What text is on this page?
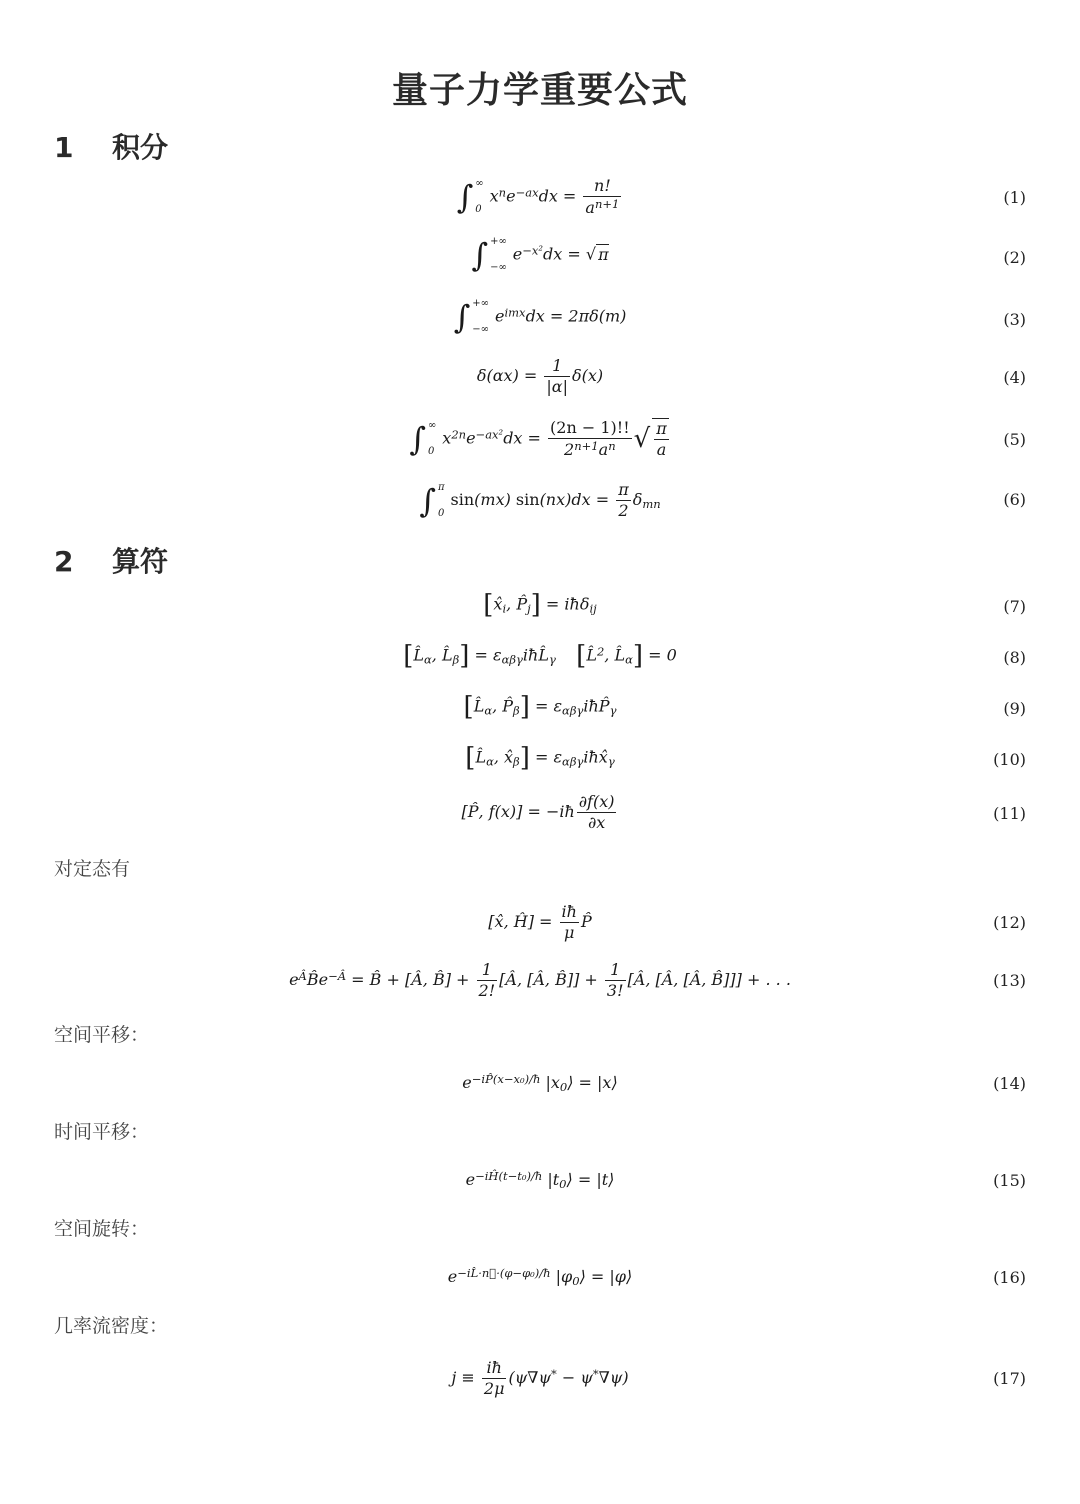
量子力学重要公式
1 积分
∫ ∞
0
$x^ne^{-ax}dx = \frac{n!}{a^{n+1}}$	(1)
∫ +∞
−∞
$e^{-x^2}dx$ = √ π	(2)
∫ +∞
−∞
$e^{imx}dx = 2\pi\delta(m)$	(3)
$\delta(\alpha x) = \frac{1}{|\alpha|} \delta(x)$	(4)
∫ ∞
0
$x^{2n}e^{-ax^2}dx = \frac{(2n - 1)!!}{2^{n+1}a^n}$ √ $\frac{\pi}{a}$	(5)
∫ π
0
sin(mx) $\sin(nx)dx = \frac{\pi}{2}$ δmn	(6)
2 算符
[x̂i, P̂j] = iħδij	(7)
[L̂α, L̂β] = εαβγiħL̂γ [L̂$^2$, L̂α] = 0	(8)
[L̂α, P̂β] = εαβγiħP̂γ	(9)
[L̂α, x̂β] = εαβγiħx̂γ	(10)
[P̂, f(x)] = −iħ $\frac{\partial f(x)}{\partial x}$	(11)
对定态有
[x̂, Ĥ] = $\frac{iħ}{\mu}$ P̂	(12)
$e^ÂB̂e^{-Â}$ = B̂ + [Â, B̂] + $\frac{1}{2!}$ [Â, [Â, B̂]] + $\frac{1}{3!}$ [Â, [Â, [Â, B̂]]] + . . .	(13)
空间平移：
$e^{-iP̂(x-x_0)/ħ}$ |x0⟩ = |x⟩	(14)
时间平移：
$e^{-iĤ(t-t_0)/ħ}$ |t0⟩ = |t⟩	(15)
空间旋转：
$e^{-iL̂\cdot n⃗\cdot(\varphi-\varphi_0)/ħ}$ |φ0⟩ = |φ⟩	(16)
几率流密度：
$j \equiv \frac{iħ}{2\mu} (\psi\nabla\psi^* - \psi^*\nabla\psi)$	(17)
